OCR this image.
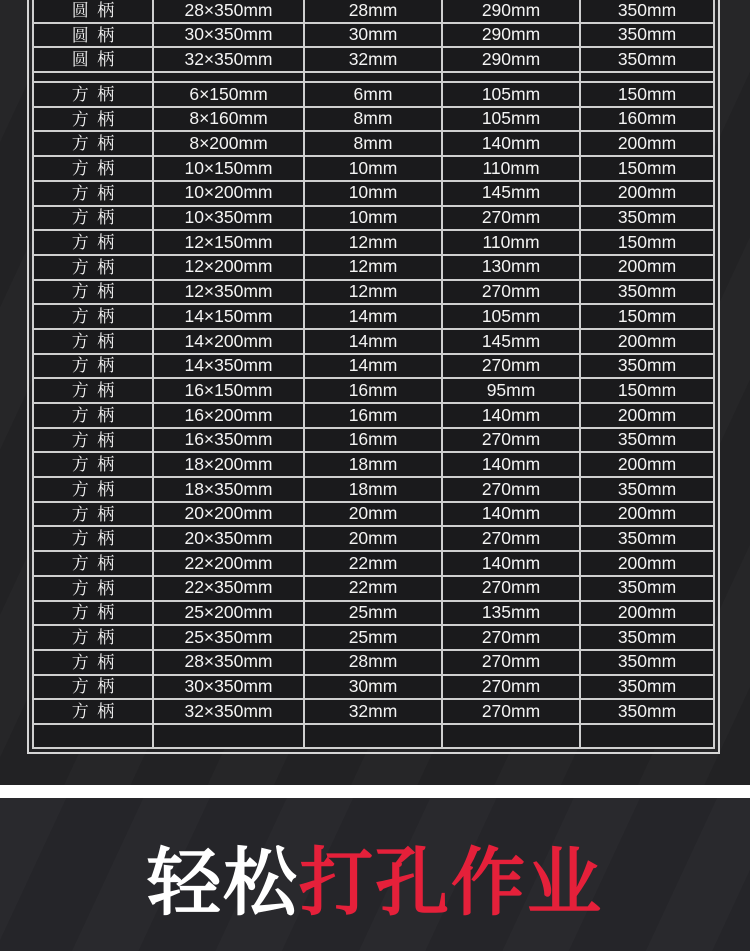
圆柄	28×350mm	28mm	290mm	350mm
圆柄	30×350mm	30mm	290mm	350mm
圆柄	32×350mm	32mm	290mm	350mm
方柄	6×150mm	6mm	105mm	150mm
方柄	8×160mm	8mm	105mm	160mm
方柄	8×200mm	8mm	140mm	200mm
方柄	10×150mm	10mm	110mm	150mm
方柄	10×200mm	10mm	145mm	200mm
方柄	10×350mm	10mm	270mm	350mm
方柄	12×150mm	12mm	110mm	150mm
方柄	12×200mm	12mm	130mm	200mm
方柄	12×350mm	12mm	270mm	350mm
方柄	14×150mm	14mm	105mm	150mm
方柄	14×200mm	14mm	145mm	200mm
方柄	14×350mm	14mm	270mm	350mm
方柄	16×150mm	16mm	95mm	150mm
方柄	16×200mm	16mm	140mm	200mm
方柄	16×350mm	16mm	270mm	350mm
方柄	18×200mm	18mm	140mm	200mm
方柄	18×350mm	18mm	270mm	350mm
方柄	20×200mm	20mm	140mm	200mm
方柄	20×350mm	20mm	270mm	350mm
方柄	22×200mm	22mm	140mm	200mm
方柄	22×350mm	22mm	270mm	350mm
方柄	25×200mm	25mm	135mm	200mm
方柄	25×350mm	25mm	270mm	350mm
方柄	28×350mm	28mm	270mm	350mm
方柄	30×350mm	30mm	270mm	350mm
方柄	32×350mm	32mm	270mm	350mm
轻松打孔作业
